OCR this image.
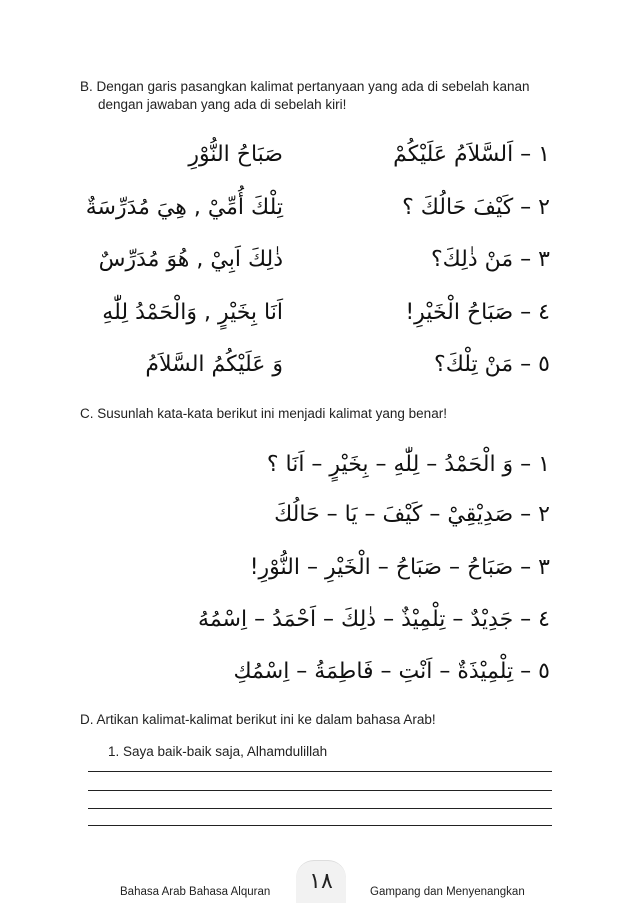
B. Dengan garis pasangkan kalimat pertanyaan yang ada di sebelah kanan
dengan jawaban yang ada di sebelah kiri!
١ – اَلسَّلاَمُ عَلَيْكُمْ
٢ – كَيْفَ حَالُكَ ؟
٣ – مَنْ ذٰلِكَ؟
٤ – صَبَاحُ الْخَيْرِ!
٥ – مَنْ تِلْكَ؟
صَبَاحُ النُّوْرِ
تِلْكَ أُمِّيْ , هِيَ مُدَرِّسَةٌ
ذٰلِكَ اَبِيْ , هُوَ مُدَرِّسٌ
اَنَا بِخَيْرٍ , وَالْحَمْدُ لِلّٰهِ
وَ عَلَيْكُمُ السَّلاَمُ
C. Susunlah kata-kata berikut ini menjadi kalimat yang benar!
١ – وَ الْحَمْدُ – لِلّٰهِ – بِخَيْرٍ – اَنَا ؟
٢ – صَدِيْقِيْ – كَيْفَ – يَا – حَالُكَ
٣ – صَبَاحُ – صَبَاحُ – الْخَيْرِ – النُّوْرِ!
٤ – جَدِيْدٌ – تِلْمِيْذٌ – ذٰلِكَ – اَحْمَدُ – اِسْمُهُ
٥ – تِلْمِيْذَةٌ – اَنْتِ – فَاطِمَةُ – اِسْمُكِ
D. Artikan kalimat-kalimat berikut ini ke dalam bahasa Arab!
1. Saya baik-baik saja, Alhamdulillah
Bahasa Arab Bahasa Alquran	١٨	Gampang dan Menyenangkan
